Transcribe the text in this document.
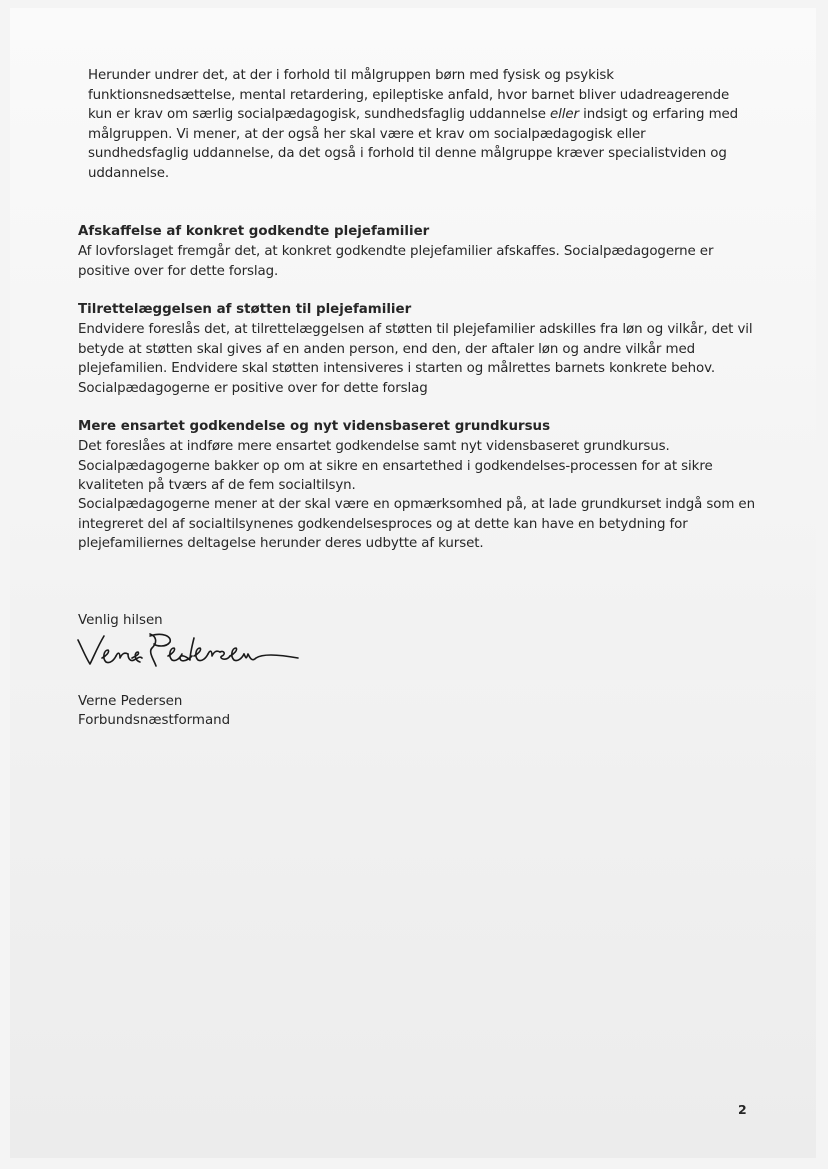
Herunder undrer det, at der i forhold til målgruppen børn med fysisk og psykisk funktionsnedsættelse, mental retardering, epileptiske anfald, hvor barnet bliver udadreagerende kun er krav om særlig socialpædagogisk, sundhedsfaglig uddannelse eller indsigt og erfaring med målgruppen. Vi mener, at der også her skal være et krav om socialpædagogisk eller sundhedsfaglig uddannelse, da det også i forhold til denne målgruppe kræver specialistviden og uddannelse.

Afskaffelse af konkret godkendte plejefamilier

Af lovforslaget fremgår det, at konkret godkendte plejefamilier afskaffes. Socialpædagogerne er positive over for dette forslag.

Tilrettelæggelsen af støtten til plejefamilier

Endvidere foreslås det, at tilrettelæggelsen af støtten til plejefamilier adskilles fra løn og vilkår, det vil betyde at støtten skal gives af en anden person, end den, der aftaler løn og andre vilkår med plejefamilien. Endvidere skal støtten intensiveres i starten og målrettes barnets konkrete behov. Socialpædagogerne er positive over for dette forslag

Mere ensartet godkendelse og nyt vidensbaseret grundkursus

Det foreslåes at indføre mere ensartet godkendelse samt nyt vidensbaseret grundkursus. Socialpædagogerne bakker op om at sikre en ensartethed i godkendelses-processen for at sikre kvaliteten på tværs af de fem socialtilsyn.

Socialpædagogerne mener at der skal være en opmærksomhed på, at lade grundkurset indgå som en integreret del af socialtilsynenes godkendelsesproces og at dette kan have en betydning for plejefamiliernes deltagelse herunder deres udbytte af kurset.

Venlig hilsen

Verne Pedersen

Forbundsnæstformand

2
